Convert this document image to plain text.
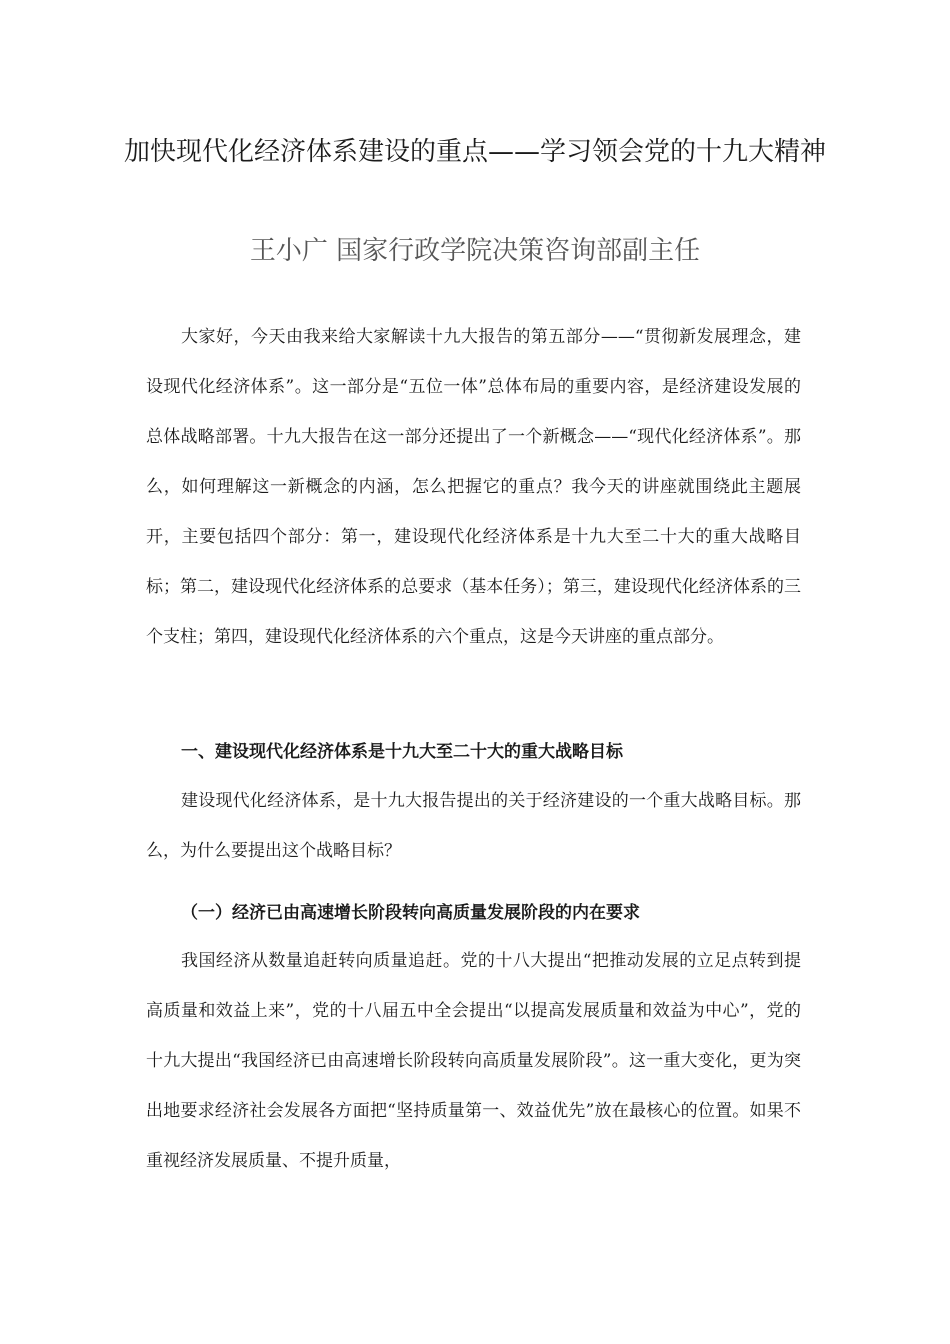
加快现代化经济体系建设的重点——学习领会党的十九大精神
王小广 国家行政学院决策咨询部副主任

大家好，今天由我来给大家解读十九大报告的第五部分——“贯彻新发展理念，建设现代化经济体系”。这一部分是“五位一体”总体布局的重要内容，是经济建设发展的总体战略部署。十九大报告在这一部分还提出了一个新概念——“现代化经济体系”。那么，如何理解这一新概念的内涵，怎么把握它的重点？我今天的讲座就围绕此主题展开，主要包括四个部分：第一，建设现代化经济体系是十九大至二十大的重大战略目标；第二，建设现代化经济体系的总要求（基本任务）；第三，建设现代化经济体系的三个支柱；第四，建设现代化经济体系的六个重点，这是今天讲座的重点部分。

一、建设现代化经济体系是十九大至二十大的重大战略目标

建设现代化经济体系，是十九大报告提出的关于经济建设的一个重大战略目标。那么，为什么要提出这个战略目标？

（一）经济已由高速增长阶段转向高质量发展阶段的内在要求

我国经济从数量追赶转向质量追赶。党的十八大提出“把推动发展的立足点转到提高质量和效益上来”，党的十八届五中全会提出“以提高发展质量和效益为中心”，党的十九大提出“我国经济已由高速增长阶段转向高质量发展阶段”。这一重大变化，更为突出地要求经济社会发展各方面把“坚持质量第一、效益优先”放在最核心的位置。如果不重视经济发展质量、不提升质量，
